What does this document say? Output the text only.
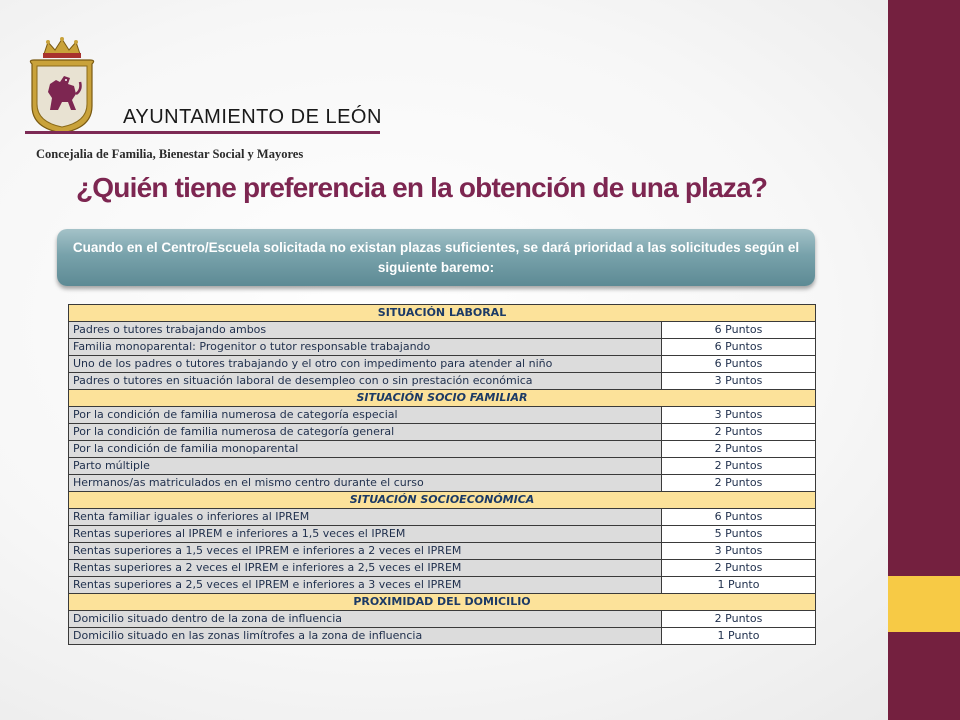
AYUNTAMIENTO DE LEÓN
Concejalia de Familia, Bienestar Social y Mayores
¿Quién tiene preferencia en la obtención de una plaza?
Cuando en el Centro/Escuela solicitada no existan plazas suficientes, se dará prioridad a las solicitudes según el siguiente baremo:
SITUACIÓN LABORAL	
Padres o tutores trabajando ambos	6 Puntos
Familia monoparental: Progenitor o tutor responsable trabajando	6 Puntos
Uno de los padres o tutores trabajando y el otro con impedimento para atender al niño	6 Puntos
Padres o tutores en situación laboral de desempleo con o sin prestación económica	3 Puntos
SITUACIÓN SOCIO FAMILIAR	
Por la condición de familia numerosa de categoría especial	3 Puntos
Por la condición de familia numerosa de categoría general	2 Puntos
Por la condición de familia monoparental	2 Puntos
Parto múltiple	2 Puntos
Hermanos/as matriculados en el mismo centro durante el curso	2 Puntos
SITUACIÓN SOCIOECONÓMICA	
Renta familiar iguales o inferiores al IPREM	6 Puntos
Rentas superiores al IPREM e inferiores a 1,5 veces el IPREM	5 Puntos
Rentas superiores a 1,5 veces el IPREM e inferiores a 2 veces el IPREM	3 Puntos
Rentas superiores a 2 veces el IPREM e inferiores a 2,5 veces el IPREM	2 Puntos
Rentas superiores a 2,5 veces el IPREM e inferiores a 3 veces el IPREM	1 Punto
PROXIMIDAD DEL DOMICILIO	
Domicilio situado dentro de la zona de influencia	2 Puntos
Domicilio situado en las zonas limítrofes a la zona de influencia	1 Punto
